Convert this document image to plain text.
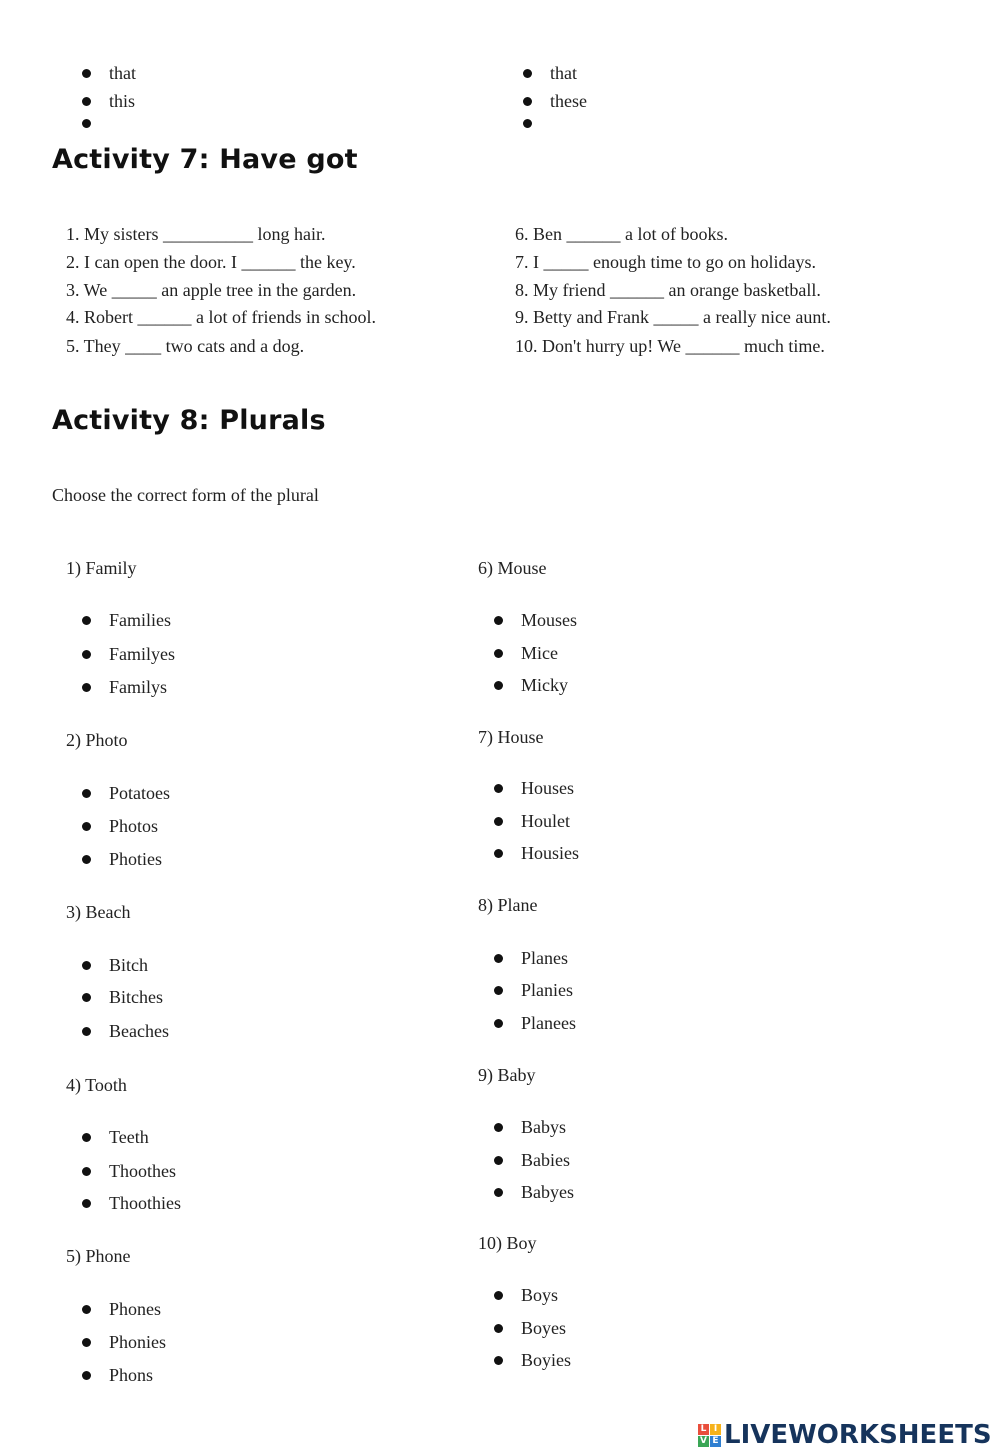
that
this
that
these
Activity 7: Have got
1. My sisters __________ long hair.
2. I can open the door. I ______ the key.
3. We _____ an apple tree in the garden.
4. Robert ______ a lot of friends in school.
5. They ____ two cats and a dog.
6. Ben ______ a lot of books.
7. I _____ enough time to go on holidays.
8. My friend ______ an orange basketball.
9. Betty and Frank _____ a really nice aunt.
10. Don't hurry up! We ______ much time.
Activity 8: Plurals
Choose the correct form of the plural
1) Family
Families
Familyes
Familys
2) Photo
Potatoes
Photos
Photies
3) Beach
Bitch
Bitches
Beaches
4) Tooth
Teeth
Thoothes
Thoothies
5) Phone
Phones
Phonies
Phons
6) Mouse
Mouses
Mice
Micky
7) House
Houses
Houlet
Housies
8) Plane
Planes
Planies
Planees
9) Baby
Babys
Babies
Babyes
10) Boy
Boys
Boyes
Boyies
L I
V E LIVEWORKSHEETS
